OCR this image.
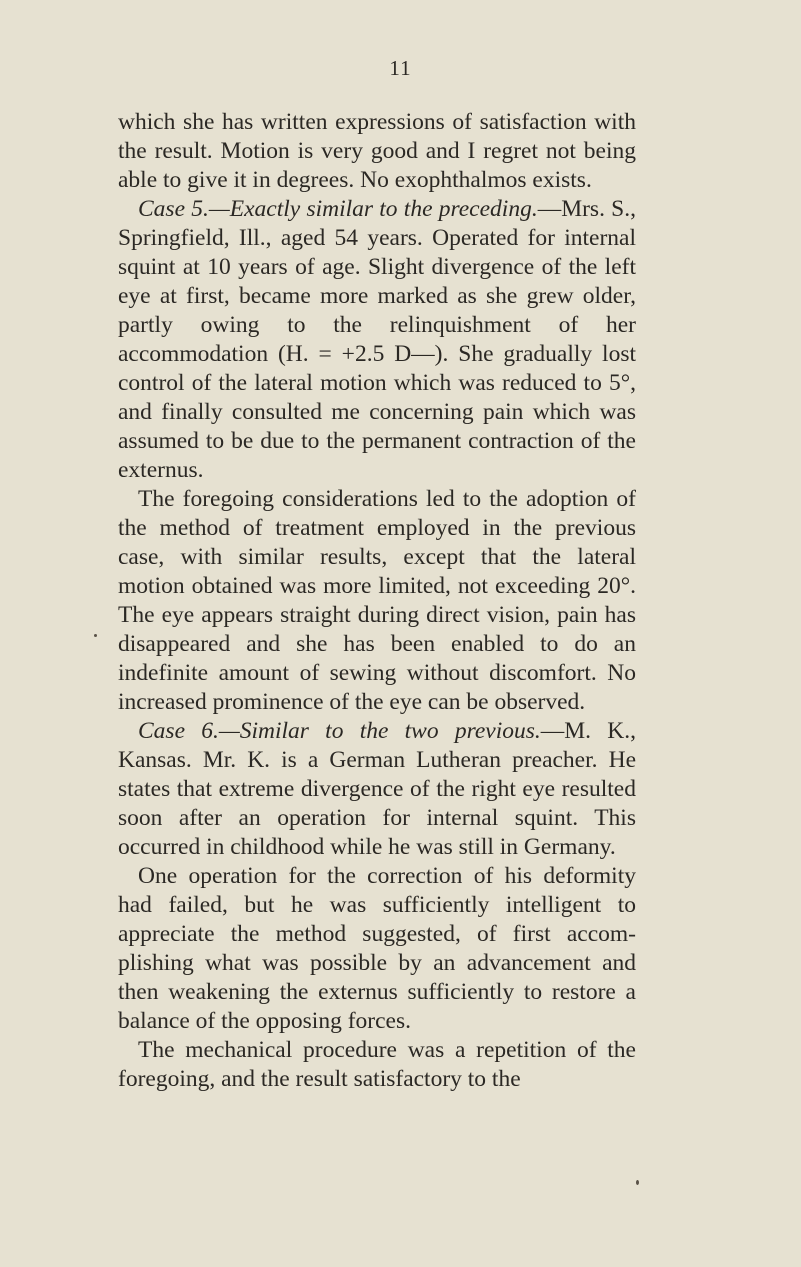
11

which she has written expressions of satisfaction with the result. Motion is very good and I regret not being able to give it in degrees. No exophthalmos exists.

Case 5.—Exactly similar to the preceding.—Mrs. S., Springfield, Ill., aged 54 years. Operated for internal squint at 10 years of age. Slight divergence of the left eye at first, became more marked as she grew older, partly owing to the relinquishment of her accommodation (H. = +2.5 D—). She gradually lost control of the lateral motion which was reduced to 5°, and finally consulted me concerning pain which was assumed to be due to the permanent contraction of the externus.

The foregoing considerations led to the adoption of the method of treatment employed in the previous case, with similar results, except that the lateral motion obtained was more limited, not exceeding 20°. The eye appears straight during direct vision, pain has disappeared and she has been enabled to do an indefinite amount of sewing without discomfort. No increased prominence of the eye can be observed.

Case 6.—Similar to the two previous.—M. K., Kansas. Mr. K. is a German Lutheran preacher. He states that extreme divergence of the right eye resulted soon after an operation for internal squint. This occurred in childhood while he was still in Germany.

One operation for the correction of his deformity had failed, but he was sufficiently intelligent to appreciate the method suggested, of first accomplishing what was possible by an advancement and then weakening the externus sufficiently to restore a balance of the opposing forces.

The mechanical procedure was a repetition of the foregoing, and the result satisfactory to the
